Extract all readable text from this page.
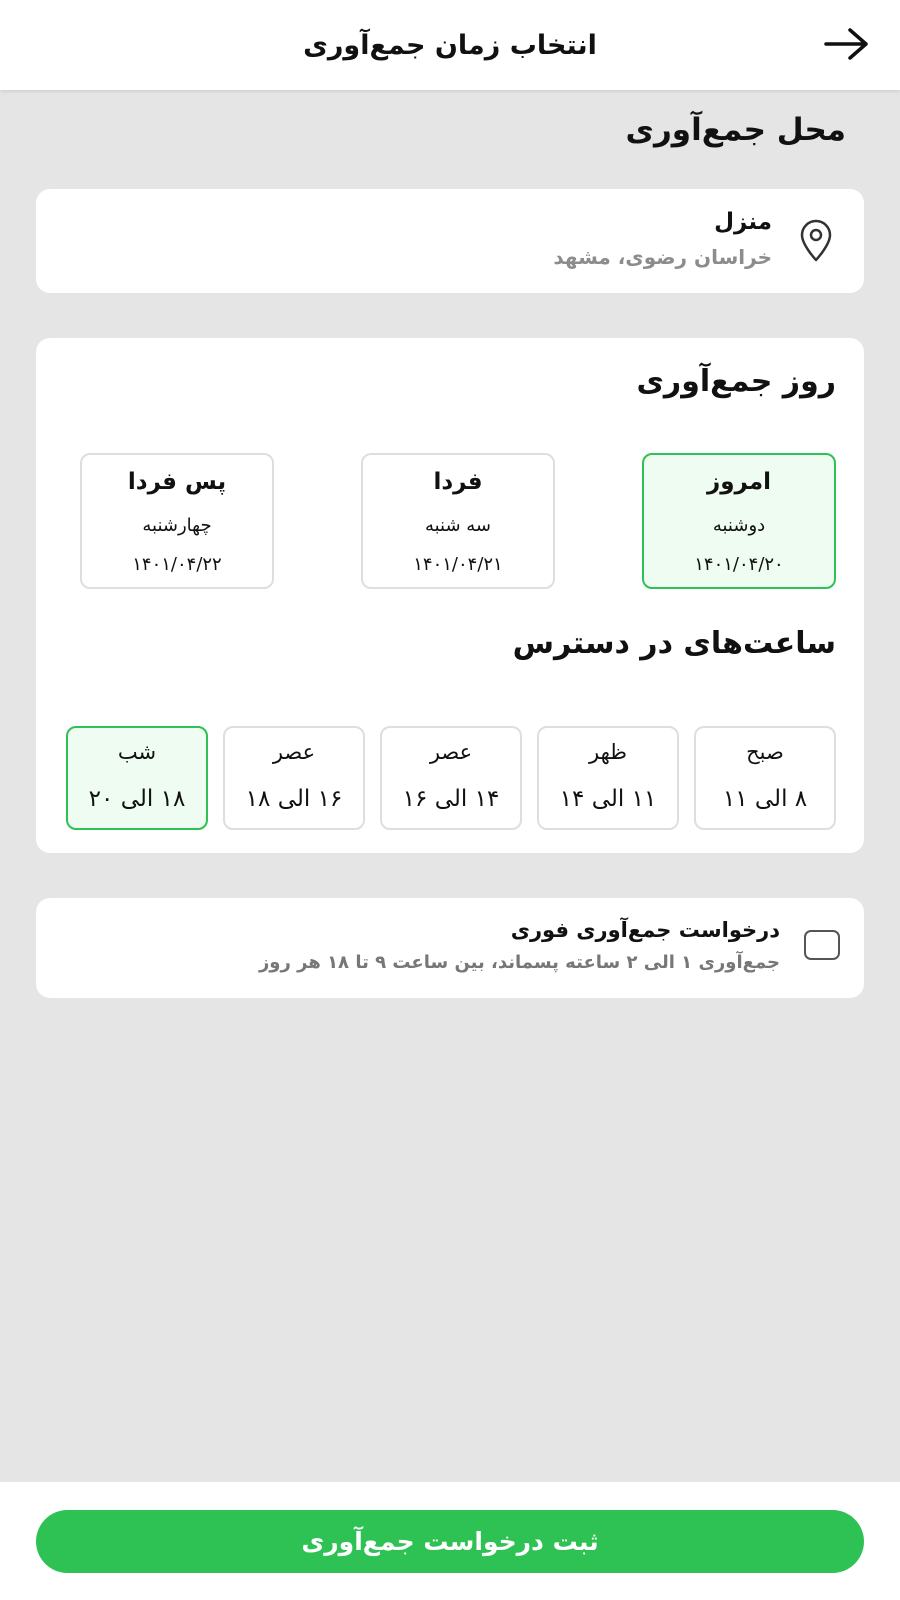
انتخاب زمان جمع‌آوری
محل جمع‌آوری
منزل
خراسان رضوی، مشهد
روز جمع‌آوری
امروز
دوشنبه
۱۴۰۱/۰۴/۲۰
فردا
سه شنبه
۱۴۰۱/۰۴/۲۱
پس فردا
چهارشنبه
۱۴۰۱/۰۴/۲۲
ساعت‌های در دسترس
صبح
۸ الی ۱۱
ظهر
۱۱ الی ۱۴
عصر
۱۴ الی ۱۶
عصر
۱۶ الی ۱۸
شب
۱۸ الی ۲۰
درخواست جمع‌آوری فوری
جمع‌آوری ۱ الی ۲ ساعته پسماند، بین ساعت ۹ تا ۱۸ هر روز
ثبت درخواست جمع‌آوری
